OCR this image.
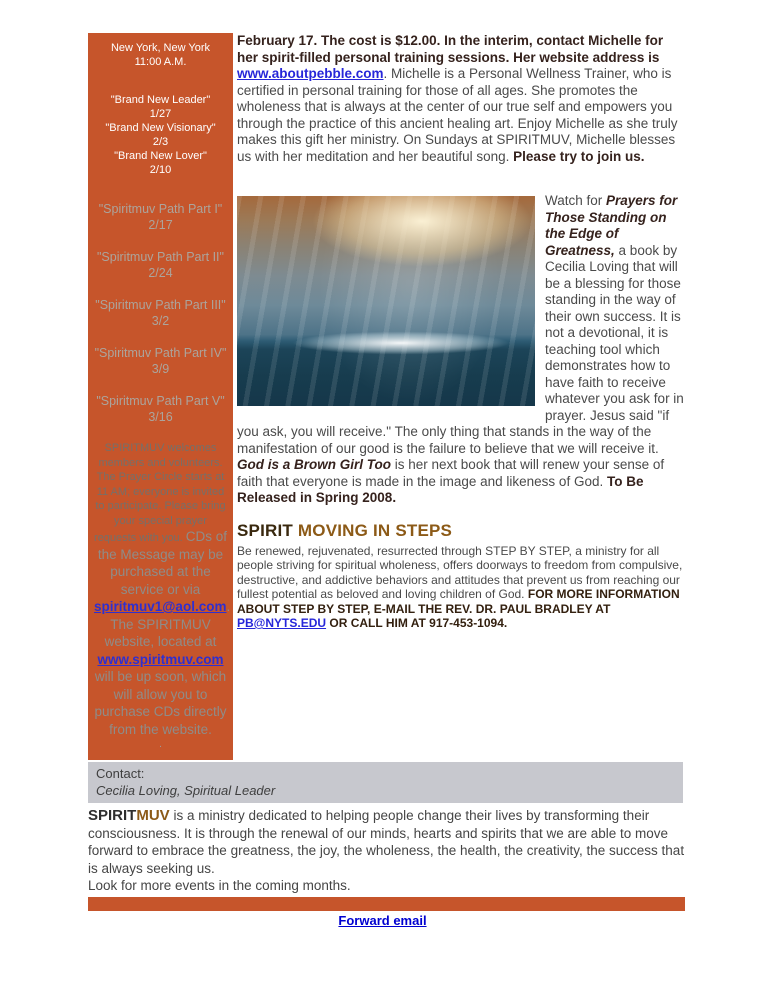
New York, New York
11:00 A.M.
"Brand New Leader"
1/27
"Brand New Visionary"
2/3
"Brand New Lover"
2/10
"Spiritmuv Path Part I"
2/17
"Spiritmuv Path Part II"
2/24
"Spiritmuv Path Part III"
3/2
"Spiritmuv Path Part IV"
3/9
"Spiritmuv Path Part V"
3/16
SPIRITMUV welcomes members and volunteers. The Prayer Circle starts at 11 AM; everyone is invited to participate. Please bring your special prayer requests with you. CDs of the Message may be purchased at the service or via spiritmuv1@aol.com.
The SPIRITMUV website, located at www.spiritmuv.com will be up soon, which will allow you to purchase CDs directly from the website.
.

February 17. The cost is $12.00. In the interim, contact Michelle for her spirit-filled personal training sessions. Her website address is www.aboutpebble.com. Michelle is a Personal Wellness Trainer, who is certified in personal training for those of all ages. She promotes the wholeness that is always at the center of our true self and empowers you through the practice of this ancient healing art. Enjoy Michelle as she truly makes this gift her ministry. On Sundays at SPIRITMUV, Michelle blesses us with her meditation and her beautiful song. Please try to join us.

Watch for Prayers for Those Standing on the Edge of Greatness, a book by Cecilia Loving that will be a blessing for those standing in the way of their own success. It is not a devotional, it is teaching tool which demonstrates how to have faith to receive whatever you ask for in prayer. Jesus said "if you ask, you will receive." The only thing that stands in the way of the manifestation of our good is the failure to believe that we will receive it. God is a Brown Girl Too is her next book that will renew your sense of faith that everyone is made in the image and likeness of God. To Be Released in Spring 2008.
SPIRIT MOVING IN STEPS

Be renewed, rejuvenated, resurrected through STEP BY STEP, a ministry for all people striving for spiritual wholeness, offers doorways to freedom from compulsive, destructive, and addictive behaviors and attitudes that prevent us from reaching our fullest potential as beloved and loving children of God. FOR MORE INFORMATION ABOUT STEP BY STEP, E-MAIL THE REV. DR. PAUL BRADLEY AT PB@NYTS.EDU OR CALL HIM AT 917-453-1094.

Contact:
Cecilia Loving, Spiritual Leader
SPIRITMUV is a ministry dedicated to helping people change their lives by transforming their consciousness. It is through the renewal of our minds, hearts and spirits that we are able to move forward to embrace the greatness, the joy, the wholeness, the health, the creativity, the success that is always seeking us.
Look for more events in the coming months.
Forward email
